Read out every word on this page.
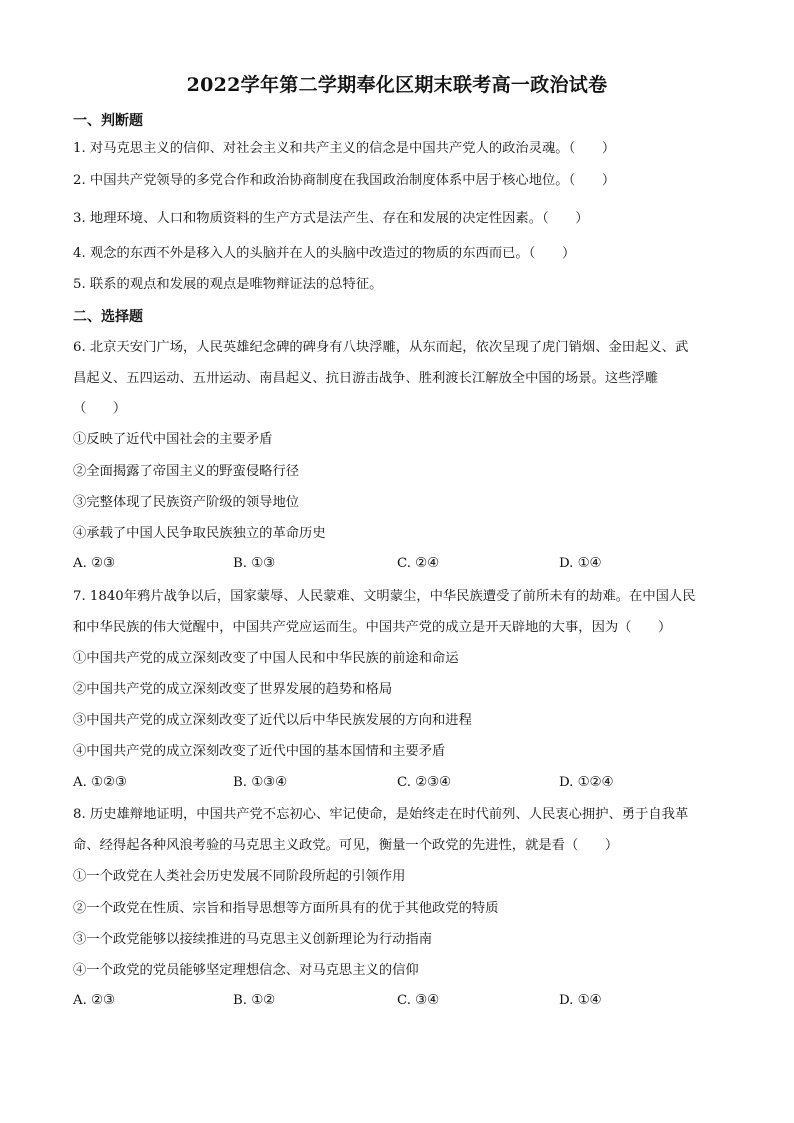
2022学年第二学期奉化区期末联考高一政治试卷
一、判断题
1. 对马克思主义的信仰、对社会主义和共产主义的信念是中国共产党人的政治灵魂。（　　）
2. 中国共产党领导的多党合作和政治协商制度在我国政治制度体系中居于核心地位。（　　）
3. 地理环境、人口和物质资料的生产方式是法产生、存在和发展的决定性因素。（　　）
4. 观念的东西不外是移入人的头脑并在人的头脑中改造过的物质的东西而已。（　　）
5. 联系的观点和发展的观点是唯物辩证法的总特征。
二、选择题
6. 北京天安门广场，人民英雄纪念碑的碑身有八块浮雕，从东而起，依次呈现了虎门销烟、金田起义、武
昌起义、五四运动、五卅运动、南昌起义、抗日游击战争、胜利渡长江解放全中国的场景。这些浮雕
（　　）
①反映了近代中国社会的主要矛盾
②全面揭露了帝国主义的野蛮侵略行径
③完整体现了民族资产阶级的领导地位
④承载了中国人民争取民族独立的革命历史
A. ②③	B. ①③	C. ②④	D. ①④
7. 1840年鸦片战争以后，国家蒙辱、人民蒙难、文明蒙尘，中华民族遭受了前所未有的劫难。在中国人民
和中华民族的伟大觉醒中，中国共产党应运而生。中国共产党的成立是开天辟地的大事，因为（　　）
①中国共产党的成立深刻改变了中国人民和中华民族的前途和命运
②中国共产党的成立深刻改变了世界发展的趋势和格局
③中国共产党的成立深刻改变了近代以后中华民族发展的方向和进程
④中国共产党的成立深刻改变了近代中国的基本国情和主要矛盾
A. ①②③	B. ①③④	C. ②③④	D. ①②④
8. 历史雄辩地证明，中国共产党不忘初心、牢记使命，是始终走在时代前列、人民衷心拥护、勇于自我革
命、经得起各种风浪考验的马克思主义政党。可见，衡量一个政党的先进性，就是看（　　）
①一个政党在人类社会历史发展不同阶段所起的引领作用
②一个政党在性质、宗旨和指导思想等方面所具有的优于其他政党的特质
③一个政党能够以接续推进的马克思主义创新理论为行动指南
④一个政党的党员能够坚定理想信念、对马克思主义的信仰
A. ②③	B. ①②	C. ③④	D. ①④
